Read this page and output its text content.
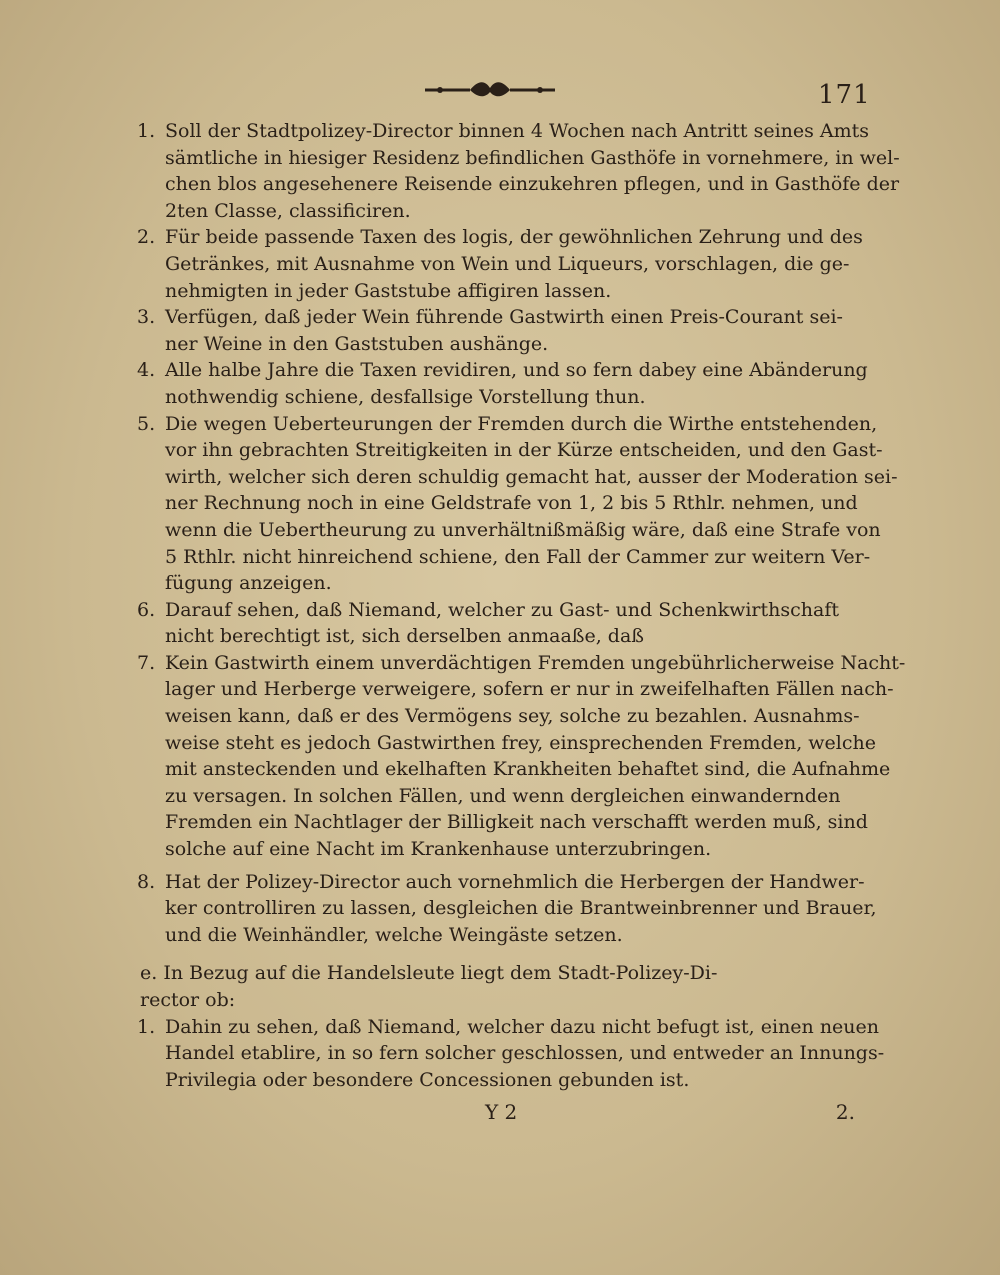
171
1. Soll der Stadtpolizey-Director binnen 4 Wochen nach Antritt seines Amts
sämtliche in hiesiger Residenz befindlichen Gasthöfe in vornehmere, in wel-
chen blos angesehenere Reisende einzukehren pflegen, und in Gasthöfe der
2ten Classe, classificiren.
2. Für beide passende Taxen des logis, der gewöhnlichen Zehrung und des
Getränkes, mit Ausnahme von Wein und Liqueurs, vorschlagen, die ge-
nehmigten in jeder Gaststube affigiren lassen.
3. Verfügen, daß jeder Wein führende Gastwirth einen Preis-Courant sei-
ner Weine in den Gaststuben aushänge.
4. Alle halbe Jahre die Taxen revidiren, und so fern dabey eine Abänderung
nothwendig schiene, desfallsige Vorstellung thun.
5. Die wegen Ueberteurungen der Fremden durch die Wirthe entstehenden,
vor ihn gebrachten Streitigkeiten in der Kürze entscheiden, und den Gast-
wirth, welcher sich deren schuldig gemacht hat, ausser der Moderation sei-
ner Rechnung noch in eine Geldstrafe von 1, 2 bis 5 Rthlr. nehmen, und
wenn die Uebertheurung zu unverhältnißmäßig wäre, daß eine Strafe von
5 Rthlr. nicht hinreichend schiene, den Fall der Cammer zur weitern Ver-
fügung anzeigen.
6. Darauf sehen, daß Niemand, welcher zu Gast- und Schenkwirthschaft
nicht berechtigt ist, sich derselben anmaaße, daß
7. Kein Gastwirth einem unverdächtigen Fremden ungebührlicherweise Nacht-
lager und Herberge verweigere, sofern er nur in zweifelhaften Fällen nach-
weisen kann, daß er des Vermögens sey, solche zu bezahlen. Ausnahms-
weise steht es jedoch Gastwirthen frey, einsprechenden Fremden, welche
mit ansteckenden und ekelhaften Krankheiten behaftet sind, die Aufnahme
zu versagen. In solchen Fällen, und wenn dergleichen einwandernden
Fremden ein Nachtlager der Billigkeit nach verschafft werden muß, sind
solche auf eine Nacht im Krankenhause unterzubringen.
8. Hat der Polizey-Director auch vornehmlich die Herbergen der Handwer-
ker controlliren zu lassen, desgleichen die Brantweinbrenner und Brauer,
und die Weinhändler, welche Weingäste setzen.
e. In Bezug auf die Handelsleute liegt dem Stadt-Polizey-Di-
rector ob:
1. Dahin zu sehen, daß Niemand, welcher dazu nicht befugt ist, einen neuen
Handel etablire, in so fern solcher geschlossen, und entweder an Innungs-
Privilegia oder besondere Concessionen gebunden ist.
Y 2	2.
